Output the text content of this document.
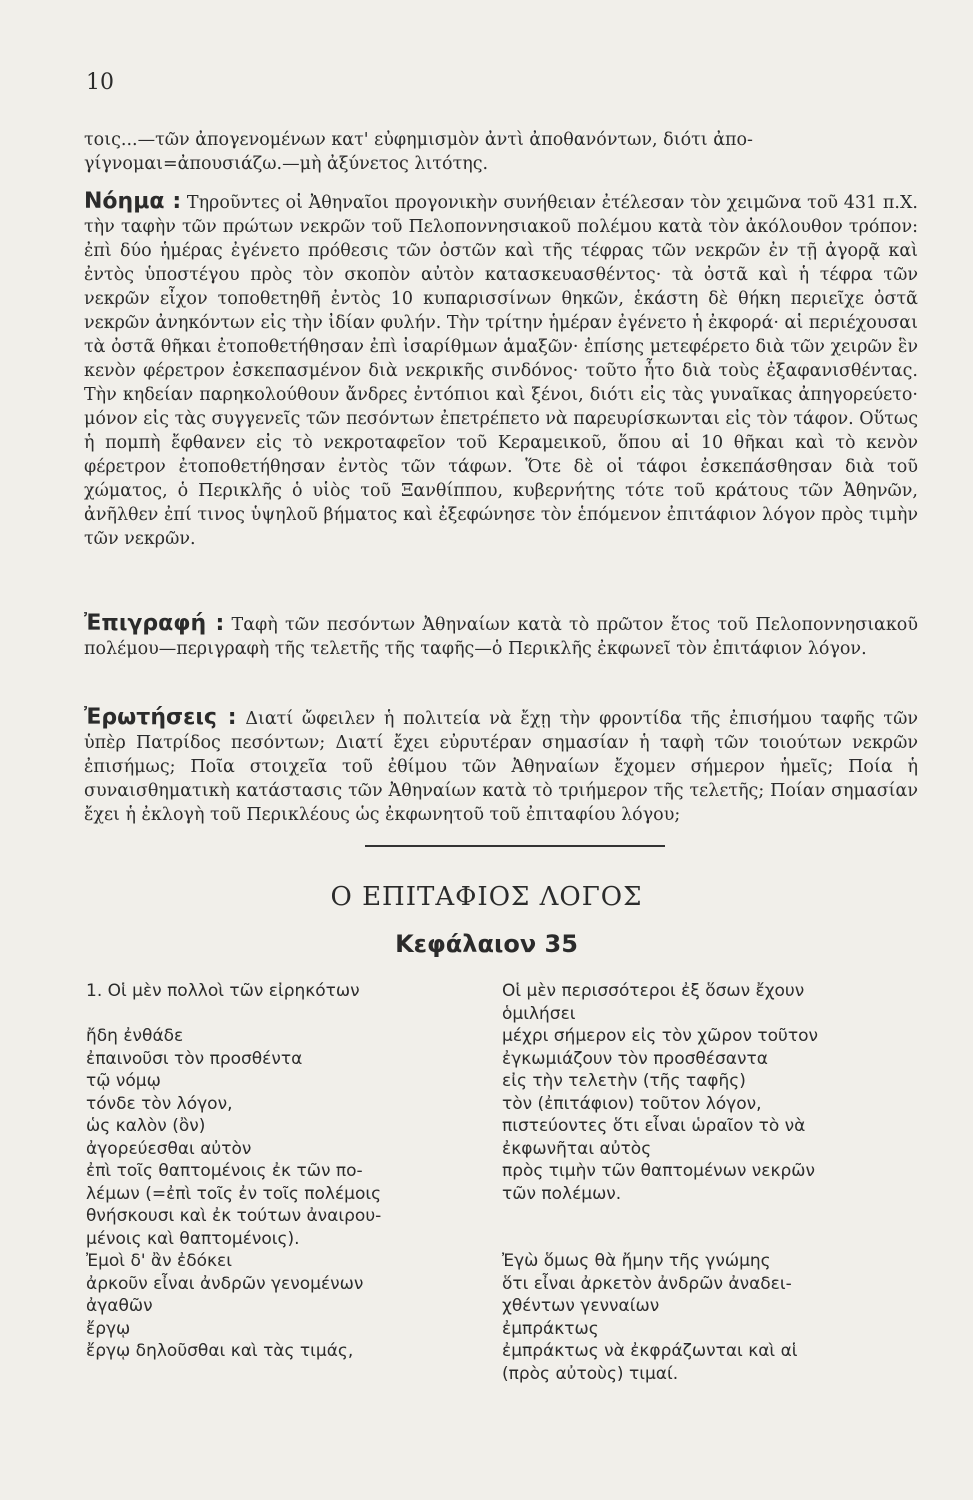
10
τοις...—τῶν ἀπογενομένων κατ' εὐφημισμὸν ἀντὶ ἀποθανόντων, διότι ἀπο-
γίγνομαι=ἀπουσιάζω.—μὴ ἀξύνετος λιτότης.
Νόημα : Τηροῦντες οἱ Ἀθηναῖοι προγονικὴν συνήθειαν ἐτέλεσαν τὸν χειμῶνα τοῦ 431 π.Χ. τὴν ταφὴν τῶν πρώτων νεκρῶν τοῦ Πελοποννησιακοῦ πολέμου κατὰ τὸν ἀκόλουθον τρόπον: ἐπὶ δύο ἡμέρας ἐγένετο πρόθεσις τῶν ὀστῶν καὶ τῆς τέφρας τῶν νεκρῶν ἐν τῇ ἀγορᾷ καὶ ἐντὸς ὑποστέγου πρὸς τὸν σκοπὸν αὐτὸν κατασκευασθέντος· τὰ ὀστᾶ καὶ ἡ τέφρα τῶν νεκρῶν εἶχον τοποθετηθῆ ἐντὸς 10 κυπαρισσίνων θηκῶν, ἑκάστη δὲ θήκη περιεῖχε ὀστᾶ νεκρῶν ἀνηκόντων εἰς τὴν ἰδίαν φυλήν. Τὴν τρίτην ἡμέραν ἐγένετο ἡ ἐκφορά· αἱ περιέχουσαι τὰ ὀστᾶ θῆκαι ἐτοποθετήθησαν ἐπὶ ἰσαρίθμων ἁμαξῶν· ἐπίσης μετεφέρετο διὰ τῶν χειρῶν ἓν κενὸν φέρετρον ἐσκεπασμένον διὰ νεκρικῆς σινδόνος· τοῦτο ἦτο διὰ τοὺς ἐξαφανισθέντας. Τὴν κηδείαν παρηκολούθουν ἄνδρες ἐντόπιοι καὶ ξένοι, διότι εἰς τὰς γυναῖκας ἀπηγορεύετο· μόνον εἰς τὰς συγγενεῖς τῶν πεσόντων ἐπετρέπετο νὰ παρευρίσκωνται εἰς τὸν τάφον. Οὕτως ἡ πομπὴ ἔφθανεν εἰς τὸ νεκροταφεῖον τοῦ Κεραμεικοῦ, ὅπου αἱ 10 θῆκαι καὶ τὸ κενὸν φέρετρον ἐτοποθετήθησαν ἐντὸς τῶν τάφων. Ὅτε δὲ οἱ τάφοι ἐσκεπάσθησαν διὰ τοῦ χώματος, ὁ Περικλῆς ὁ υἱὸς τοῦ Ξανθίππου, κυβερνήτης τότε τοῦ κράτους τῶν Ἀθηνῶν, ἀνῆλθεν ἐπί τινος ὑψηλοῦ βήματος καὶ ἐξεφώνησε τὸν ἑπόμενον ἐπιτάφιον λόγον πρὸς τιμὴν τῶν νεκρῶν.
Ἐπιγραφή : Ταφὴ τῶν πεσόντων Ἀθηναίων κατὰ τὸ πρῶτον ἔτος τοῦ Πελοποννησιακοῦ πολέμου—περιγραφὴ τῆς τελετῆς τῆς ταφῆς—ὁ Περικλῆς ἐκφωνεῖ τὸν ἐπιτάφιον λόγον.
Ἐρωτήσεις : Διατί ὤφειλεν ἡ πολιτεία νὰ ἔχῃ τὴν φροντίδα τῆς ἐπισήμου ταφῆς τῶν ὑπὲρ Πατρίδος πεσόντων; Διατί ἔχει εὐρυτέραν σημασίαν ἡ ταφὴ τῶν τοιούτων νεκρῶν ἐπισήμως; Ποῖα στοιχεῖα τοῦ ἐθίμου τῶν Ἀθηναίων ἔχομεν σήμερον ἡμεῖς; Ποία ἡ συναισθηματικὴ κατάστασις τῶν Ἀθηναίων κατὰ τὸ τριήμερον τῆς τελετῆς; Ποίαν σημασίαν ἔχει ἡ ἐκλογὴ τοῦ Περικλέους ὡς ἐκφωνητοῦ τοῦ ἐπιταφίου λόγου;
Ο ΕΠΙΤΑΦΙΟΣ ΛΟΓΟΣ
Κεφάλαιον 35
1. Οἱ μὲν πολλοὶ τῶν εἰρηκότων
ἤδη ἐνθάδε
ἐπαινοῦσι τὸν προσθέντα
τῷ νόμῳ
τόνδε τὸν λόγον,
ὡς καλὸν (ὂν)
ἀγορεύεσθαι αὐτὸν
ἐπὶ τοῖς θαπτομένοις ἐκ τῶν πο-
λέμων (=ἐπὶ τοῖς ἐν τοῖς πολέμοις
θνήσκουσι καὶ ἐκ τούτων ἀναιρου-
μένοις καὶ θαπτομένοις).
Ἐμοὶ δ' ἂν ἐδόκει
ἀρκοῦν εἶναι ἀνδρῶν γενομένων
ἀγαθῶν
ἔργῳ
ἔργῳ δηλοῦσθαι καὶ τὰς τιμάς,
Οἱ μὲν περισσότεροι ἐξ ὅσων ἔχουν
ὁμιλήσει
μέχρι σήμερον εἰς τὸν χῶρον τοῦτον
ἐγκωμιάζουν τὸν προσθέσαντα
εἰς τὴν τελετὴν (τῆς ταφῆς)
τὸν (ἐπιτάφιον) τοῦτον λόγον,
πιστεύοντες ὅτι εἶναι ὡραῖον τὸ νὰ
ἐκφωνῆται αὐτὸς
πρὸς τιμὴν τῶν θαπτομένων νεκρῶν
τῶν πολέμων.
Ἐγὼ ὅμως θὰ ἤμην τῆς γνώμης
ὅτι εἶναι ἀρκετὸν ἀνδρῶν ἀναδει-
χθέντων γενναίων
ἐμπράκτως
ἐμπράκτως νὰ ἐκφράζωνται καὶ αἱ
(πρὸς αὐτοὺς) τιμαί.
